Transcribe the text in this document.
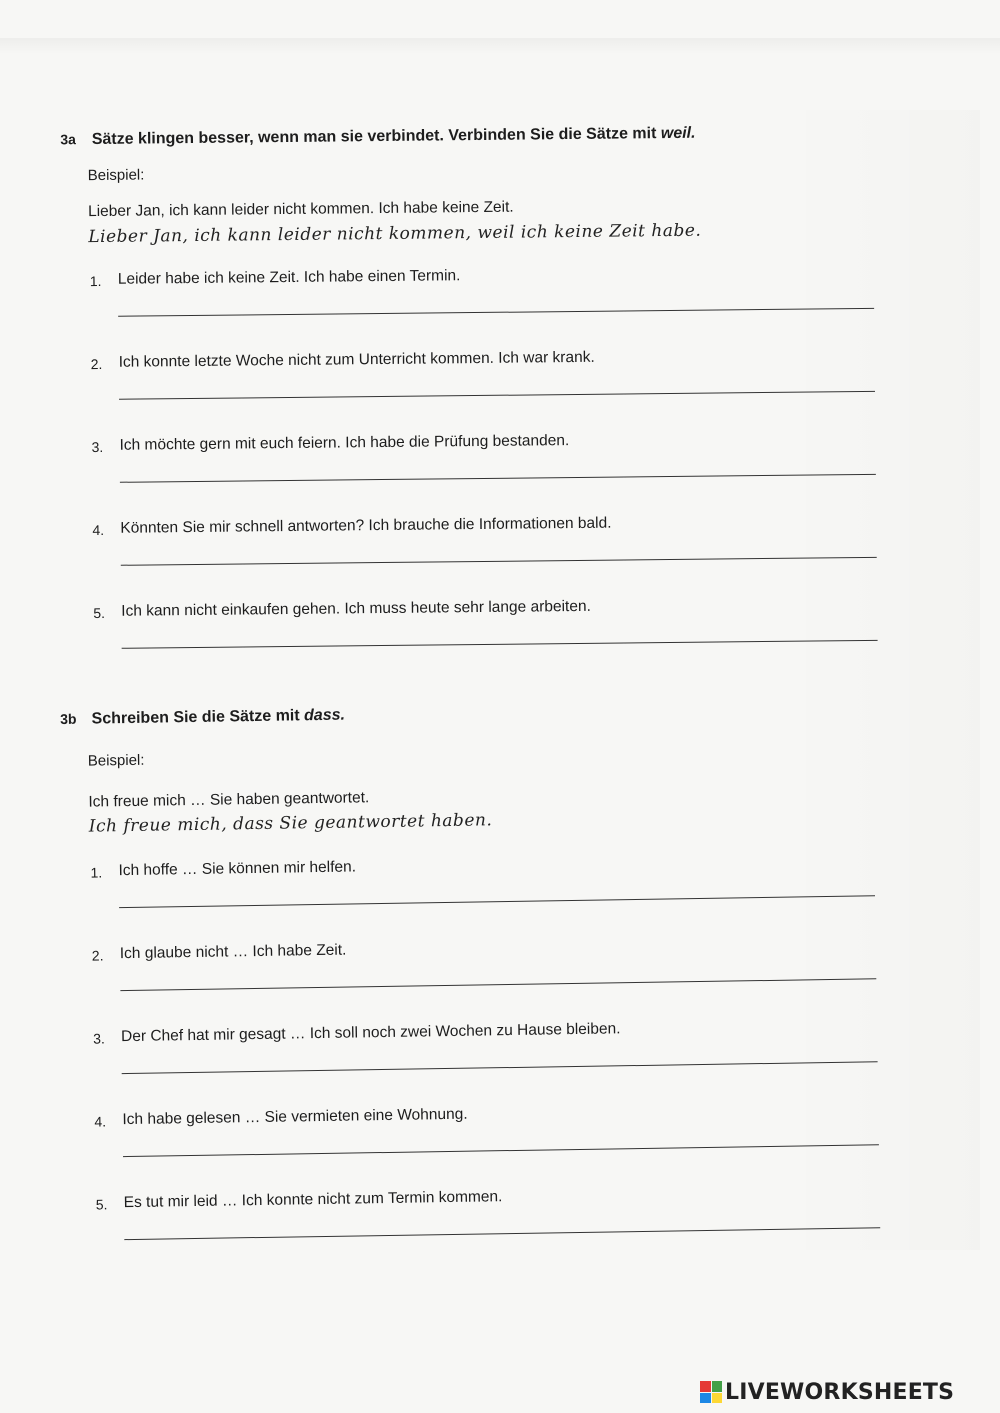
3a Sätze klingen besser, wenn man sie verbindet. Verbinden Sie die Sätze mit weil.
Beispiel:
Lieber Jan, ich kann leider nicht kommen. Ich habe keine Zeit.
Lieber Jan, ich kann leider nicht kommen, weil ich keine Zeit habe.
1. Leider habe ich keine Zeit. Ich habe einen Termin.
2. Ich konnte letzte Woche nicht zum Unterricht kommen. Ich war krank.
3. Ich möchte gern mit euch feiern. Ich habe die Prüfung bestanden.
4. Könnten Sie mir schnell antworten? Ich brauche die Informationen bald.
5. Ich kann nicht einkaufen gehen. Ich muss heute sehr lange arbeiten.
3b Schreiben Sie die Sätze mit dass.
Beispiel:
Ich freue mich … Sie haben geantwortet.
Ich freue mich, dass Sie geantwortet haben.
1. Ich hoffe … Sie können mir helfen.
2. Ich glaube nicht … Ich habe Zeit.
3. Der Chef hat mir gesagt … Ich soll noch zwei Wochen zu Hause bleiben.
4. Ich habe gelesen … Sie vermieten eine Wohnung.
5. Es tut mir leid … Ich konnte nicht zum Termin kommen.
LIVEWORKSHEETS
